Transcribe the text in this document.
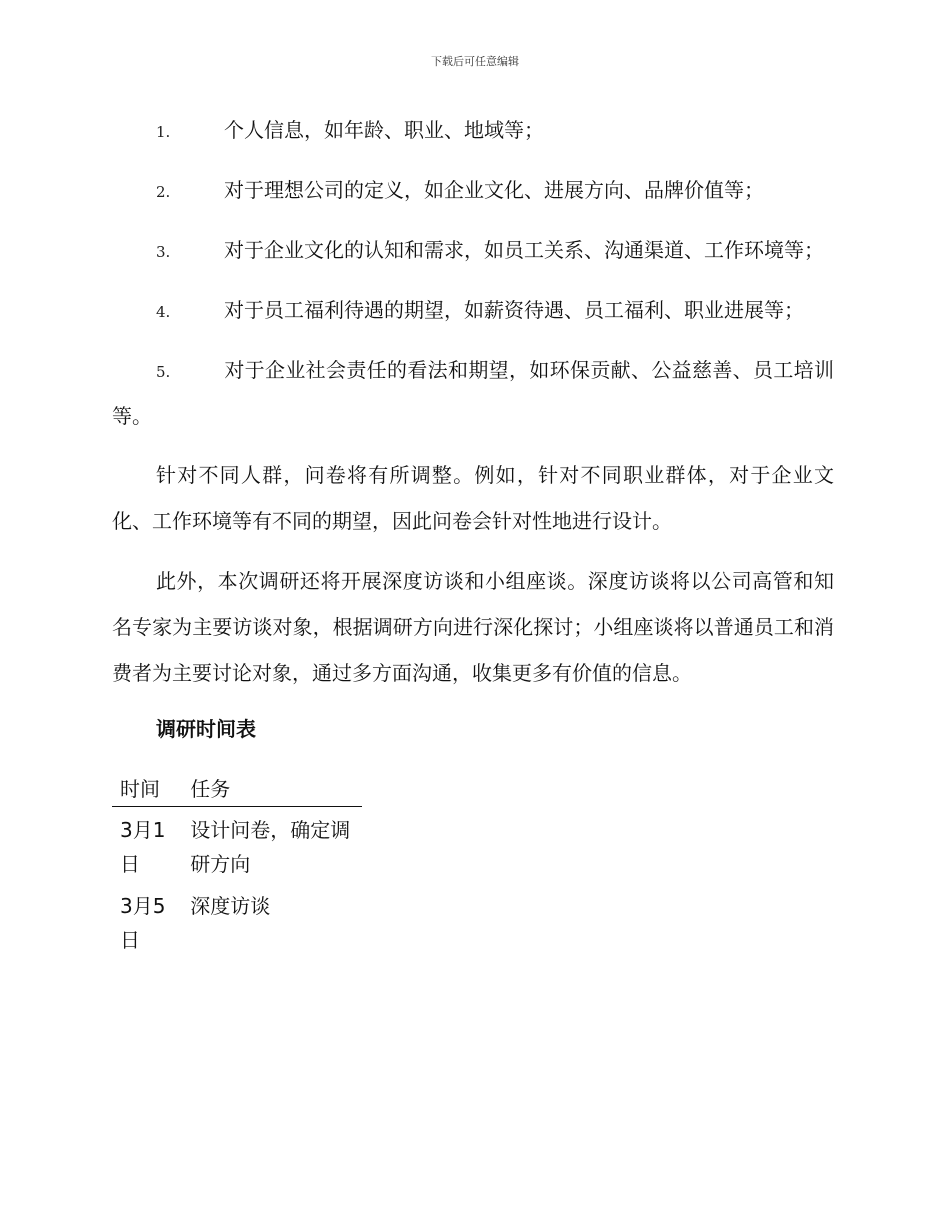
下载后可任意编辑
1.	个人信息，如年龄、职业、地域等；
2.	对于理想公司的定义，如企业文化、进展方向、品牌价值等；
3.	对于企业文化的认知和需求，如员工关系、沟通渠道、工作环境等；
4.	对于员工福利待遇的期望，如薪资待遇、员工福利、职业进展等；
5.	对于企业社会责任的看法和期望，如环保贡献、公益慈善、员工培训等。

针对不同人群，问卷将有所调整。例如，针对不同职业群体，对于企业文化、工作环境等有不同的期望，因此问卷会针对性地进行设计。

此外，本次调研还将开展深度访谈和小组座谈。深度访谈将以公司高管和知名专家为主要访谈对象，根据调研方向进行深化探讨；小组座谈将以普通员工和消费者为主要讨论对象，通过多方面沟通，收集更多有价值的信息。

调研时间表
时间	任务
3月1日	设计问卷，确定调研方向
3月5日	深度访谈
